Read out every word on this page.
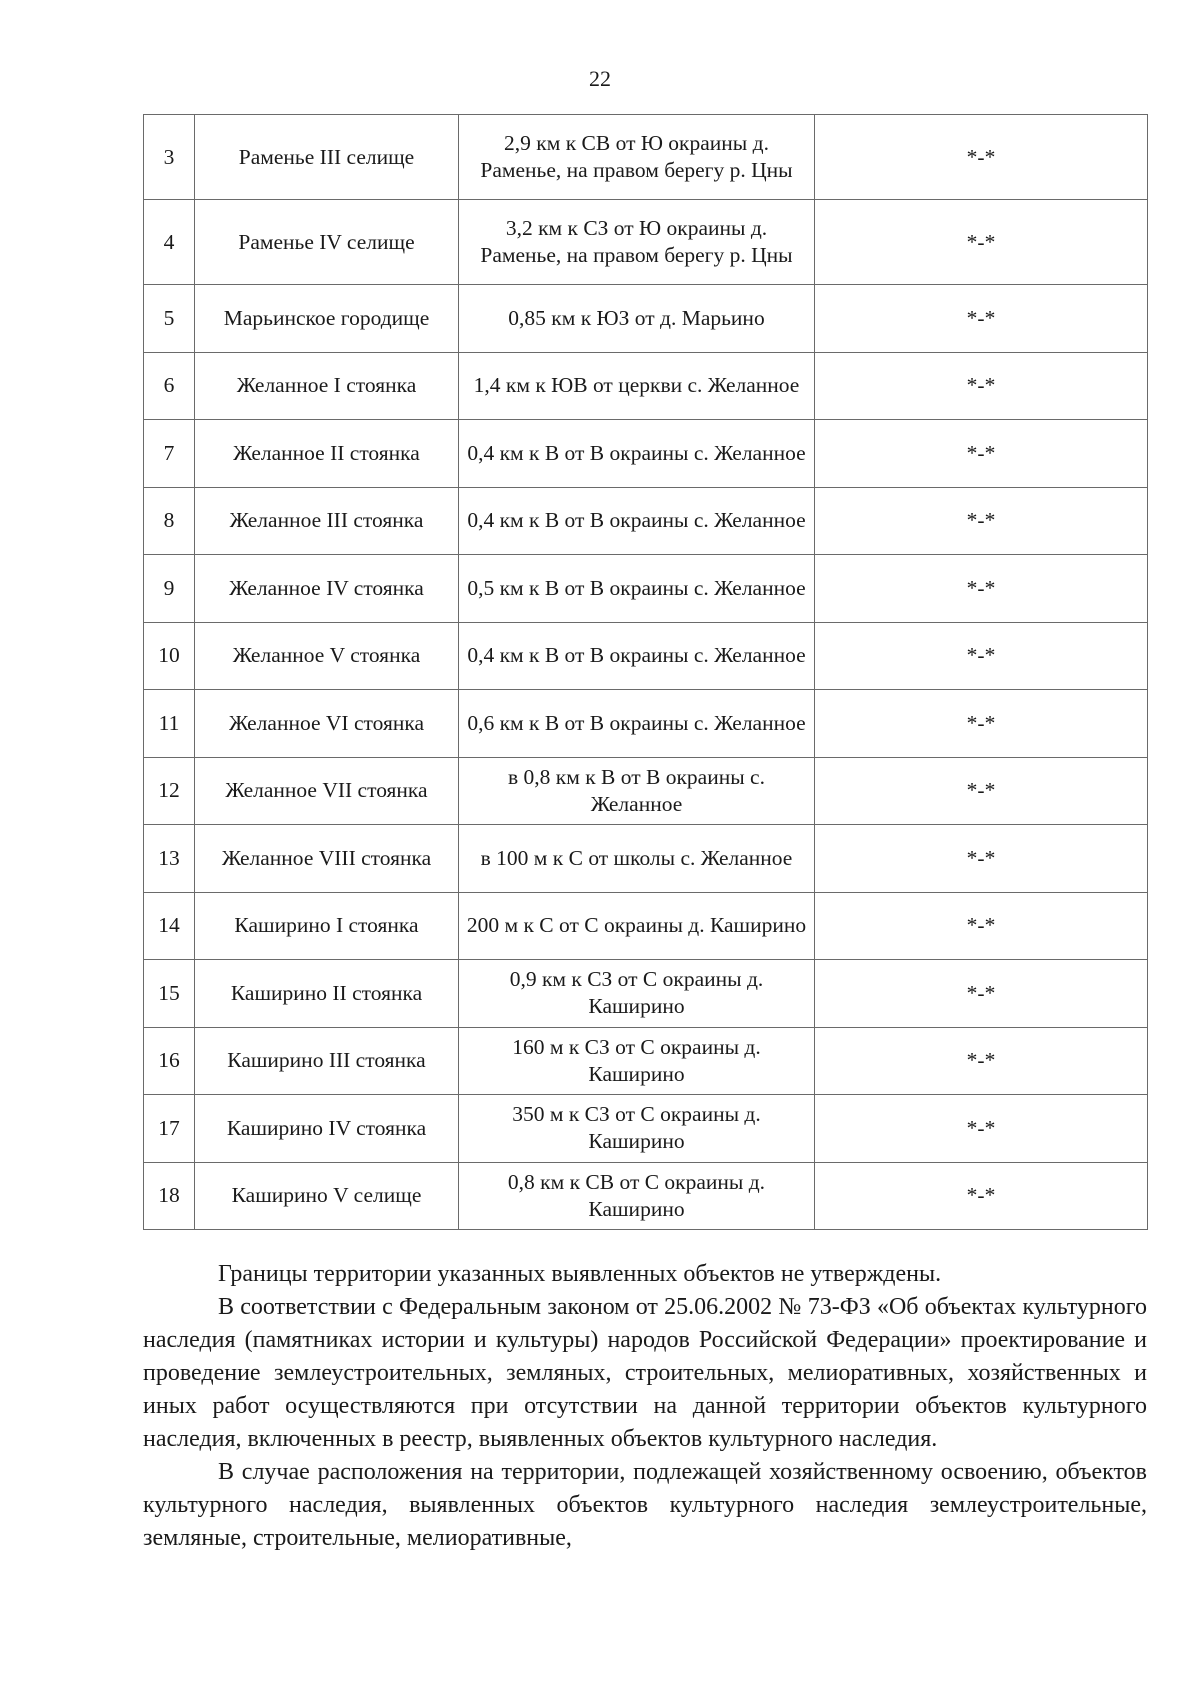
22
3	Раменье III селище	2,9 км к СВ от Ю окраины д. Раменье, на правом берегу р. Цны	*-*
4	Раменье IV селище	3,2 км к СЗ от Ю окраины д. Раменье, на правом берегу р. Цны	*-*
5	Марьинское городище	0,85 км к ЮЗ от д. Марьино	*-*
6	Желанное I стоянка	1,4 км к ЮВ от церкви с. Желанное	*-*
7	Желанное II стоянка	0,4 км к В от В окраины с. Желанное	*-*
8	Желанное III стоянка	0,4 км к В от В окраины с. Желанное	*-*
9	Желанное IV стоянка	0,5 км к В от В окраины с. Желанное	*-*
10	Желанное V стоянка	0,4 км к В от В окраины с. Желанное	*-*
11	Желанное VI стоянка	0,6 км к В от В окраины с. Желанное	*-*
12	Желанное VII стоянка	в 0,8 км к В от В окраины с. Желанное	*-*
13	Желанное VIII стоянка	в 100 м к С от школы с. Желанное	*-*
14	Каширино I стоянка	200 м к С от С окраины д. Каширино	*-*
15	Каширино II стоянка	0,9 км к СЗ от С окраины д. Каширино	*-*
16	Каширино III стоянка	160 м к СЗ от С окраины д. Каширино	*-*
17	Каширино IV стоянка	350 м к СЗ от С окраины д. Каширино	*-*
18	Каширино V селище	0,8 км к СВ от С окраины д. Каширино	*-*

Границы территории указанных выявленных объектов не утверждены.

В соответствии с Федеральным законом от 25.06.2002 № 73-ФЗ «Об объектах культурного наследия (памятниках истории и культуры) народов Российской Федерации» проектирование и проведение землеустроительных, земляных, строительных, мелиоративных, хозяйственных и иных работ осуществляются при отсутствии на данной территории объектов культурного наследия, включенных в реестр, выявленных объектов культурного наследия.

В случае расположения на территории, подлежащей хозяйственному освоению, объектов культурного наследия, выявленных объектов культурного наследия землеустроительные, земляные, строительные, мелиоративные,
